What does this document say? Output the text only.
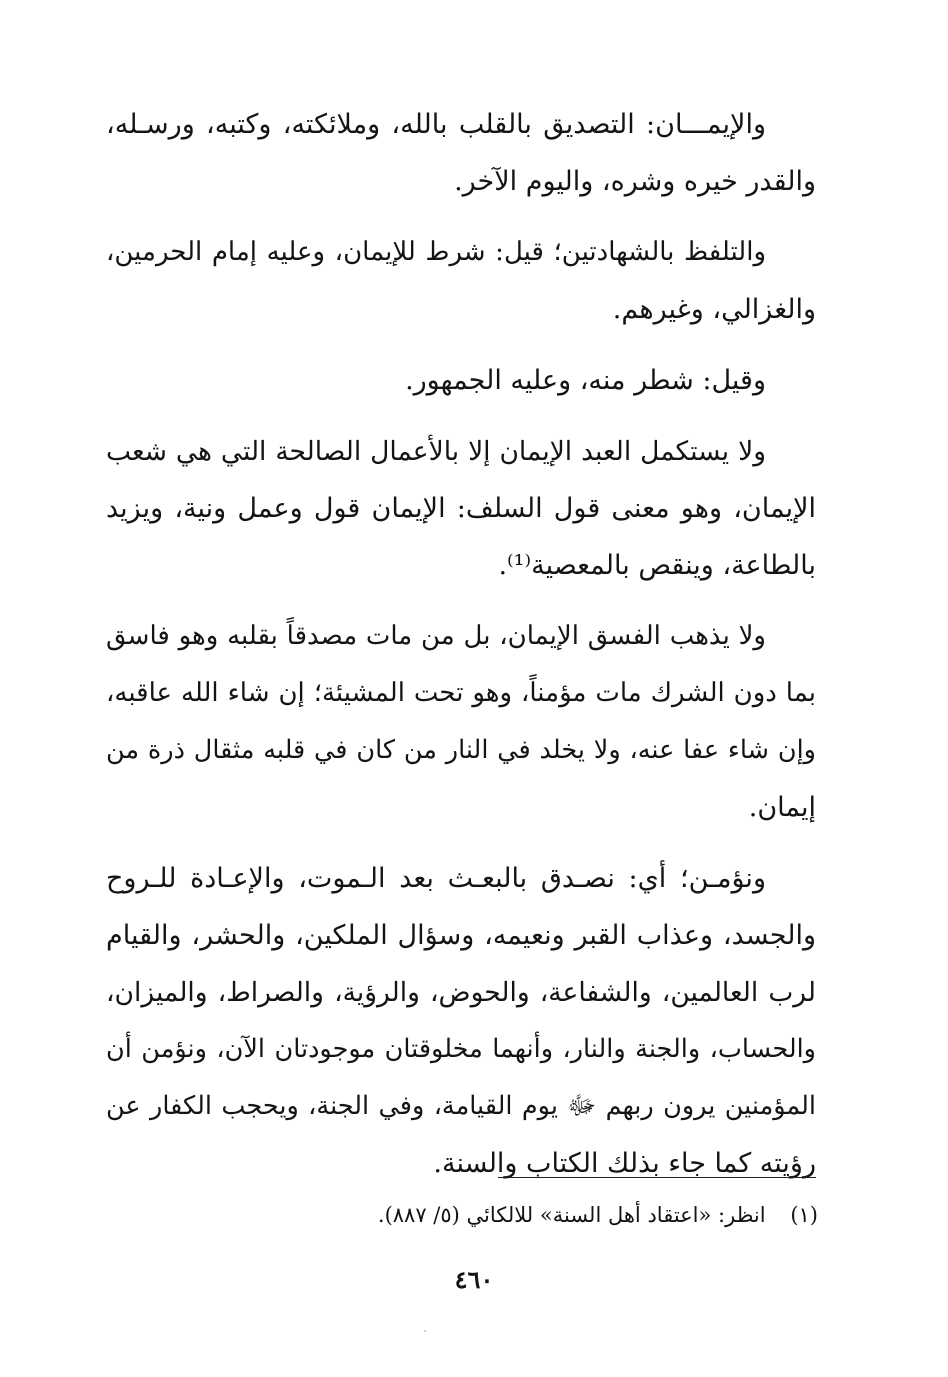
والإيمـــان: التصديق بالقلب بالله، وملائكته، وكتبه، ورسـله،
والقدر خيره وشره، واليوم الآخر.

والتلفظ بالشهادتين؛ قيل: شرط للإيمان، وعليه إمام الحرمين،
والغزالي، وغيرهم.

وقيل: شطر منه، وعليه الجمهور.

ولا يستكمل العبد الإيمان إلا بالأعمال الصالحة التي هي شعب
الإيمان، وهو معنى قول السلف: الإيمان قول وعمل ونية، ويزيد
بالطاعة، وينقص بالمعصية⁽¹⁾.

ولا يذهب الفسق الإيمان، بل من مات مصدقاً بقلبه وهو فاسق
بما دون الشرك مات مؤمناً، وهو تحت المشيئة؛ إن شاء الله عاقبه،
وإن شاء عفا عنه، ولا يخلد في النار من كان في قلبه مثقال ذرة من
إيمان.

ونؤمـن؛ أي: نصـدق بالبعـث بعد الـموت، والإعـادة للـروح
والجسد، وعذاب القبر ونعيمه، وسؤال الملكين، والحشر، والقيام
لرب العالمين، والشفاعة، والحوض، والرؤية، والصراط، والميزان،
والحساب، والجنة والنار، وأنهما مخلوقتان موجودتان الآن، ونؤمن أن
المؤمنين يرون ربهم ﷻ يوم القيامة، وفي الجنة، ويحجب الكفار عن
رؤيته كما جاء بذلك الكتاب والسنة.

(١) انظر: «اعتقاد أهل السنة» للالكائي (٥/ ٨٨٧).
٤٦٠
